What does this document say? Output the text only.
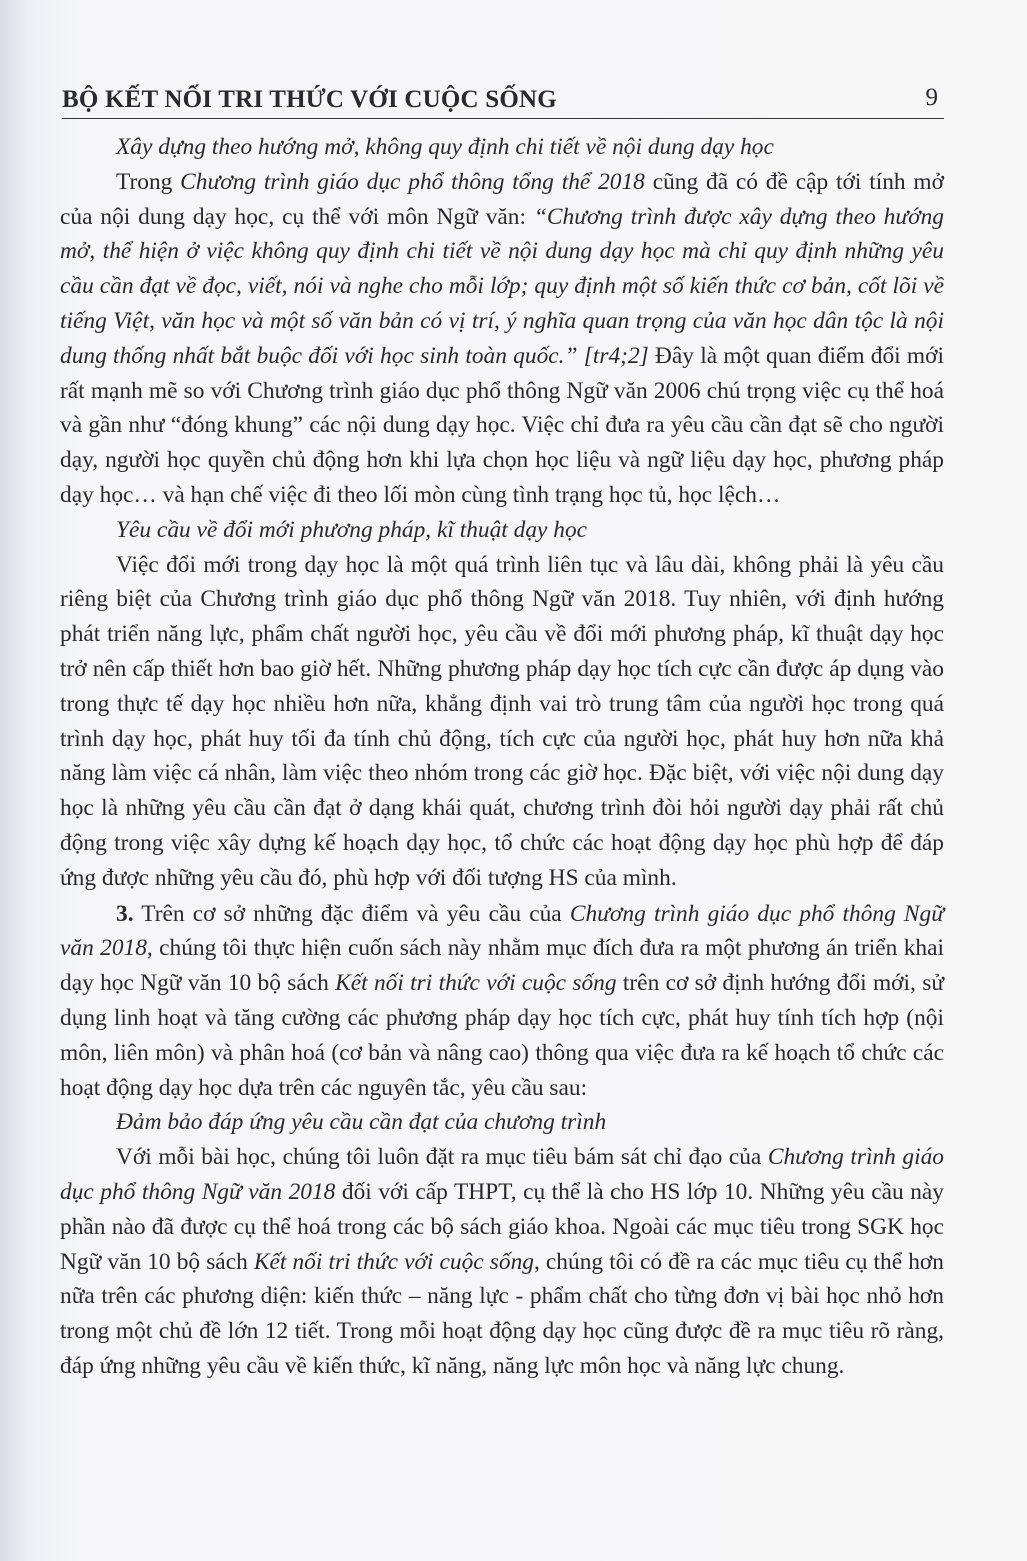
BỘ KẾT NỐI TRI THỨC VỚI CUỘC SỐNG	9

Xây dựng theo hướng mở, không quy định chi tiết về nội dung dạy học

Trong Chương trình giáo dục phổ thông tổng thể 2018 cũng đã có đề cập tới tính mở của nội dung dạy học, cụ thể với môn Ngữ văn: “Chương trình được xây dựng theo hướng mở, thể hiện ở việc không quy định chi tiết về nội dung dạy học mà chỉ quy định những yêu cầu cần đạt về đọc, viết, nói và nghe cho mỗi lớp; quy định một số kiến thức cơ bản, cốt lõi về tiếng Việt, văn học và một số văn bản có vị trí, ý nghĩa quan trọng của văn học dân tộc là nội dung thống nhất bắt buộc đối với học sinh toàn quốc.” [tr4;2] Đây là một quan điểm đổi mới rất mạnh mẽ so với Chương trình giáo dục phổ thông Ngữ văn 2006 chú trọng việc cụ thể hoá và gần như “đóng khung” các nội dung dạy học. Việc chỉ đưa ra yêu cầu cần đạt sẽ cho người dạy, người học quyền chủ động hơn khi lựa chọn học liệu và ngữ liệu dạy học, phương pháp dạy học… và hạn chế việc đi theo lối mòn cùng tình trạng học tủ, học lệch…

Yêu cầu về đổi mới phương pháp, kĩ thuật dạy học

Việc đổi mới trong dạy học là một quá trình liên tục và lâu dài, không phải là yêu cầu riêng biệt của Chương trình giáo dục phổ thông Ngữ văn 2018. Tuy nhiên, với định hướng phát triển năng lực, phẩm chất người học, yêu cầu về đổi mới phương pháp, kĩ thuật dạy học trở nên cấp thiết hơn bao giờ hết. Những phương pháp dạy học tích cực cần được áp dụng vào trong thực tế dạy học nhiều hơn nữa, khẳng định vai trò trung tâm của người học trong quá trình dạy học, phát huy tối đa tính chủ động, tích cực của người học, phát huy hơn nữa khả năng làm việc cá nhân, làm việc theo nhóm trong các giờ học. Đặc biệt, với việc nội dung dạy học là những yêu cầu cần đạt ở dạng khái quát, chương trình đòi hỏi người dạy phải rất chủ động trong việc xây dựng kế hoạch dạy học, tổ chức các hoạt động dạy học phù hợp để đáp ứng được những yêu cầu đó, phù hợp với đối tượng HS của mình.

3. Trên cơ sở những đặc điểm và yêu cầu của Chương trình giáo dục phổ thông Ngữ văn 2018, chúng tôi thực hiện cuốn sách này nhằm mục đích đưa ra một phương án triển khai dạy học Ngữ văn 10 bộ sách Kết nối tri thức với cuộc sống trên cơ sở định hướng đổi mới, sử dụng linh hoạt và tăng cường các phương pháp dạy học tích cực, phát huy tính tích hợp (nội môn, liên môn) và phân hoá (cơ bản và nâng cao) thông qua việc đưa ra kế hoạch tổ chức các hoạt động dạy học dựa trên các nguyên tắc, yêu cầu sau:

Đảm bảo đáp ứng yêu cầu cần đạt của chương trình

Với mỗi bài học, chúng tôi luôn đặt ra mục tiêu bám sát chỉ đạo của Chương trình giáo dục phổ thông Ngữ văn 2018 đối với cấp THPT, cụ thể là cho HS lớp 10. Những yêu cầu này phần nào đã được cụ thể hoá trong các bộ sách giáo khoa. Ngoài các mục tiêu trong SGK học Ngữ văn 10 bộ sách Kết nối tri thức với cuộc sống, chúng tôi có đề ra các mục tiêu cụ thể hơn nữa trên các phương diện: kiến thức – năng lực - phẩm chất cho từng đơn vị bài học nhỏ hơn trong một chủ đề lớn 12 tiết. Trong mỗi hoạt động dạy học cũng được đề ra mục tiêu rõ ràng, đáp ứng những yêu cầu về kiến thức, kĩ năng, năng lực môn học và năng lực chung.
